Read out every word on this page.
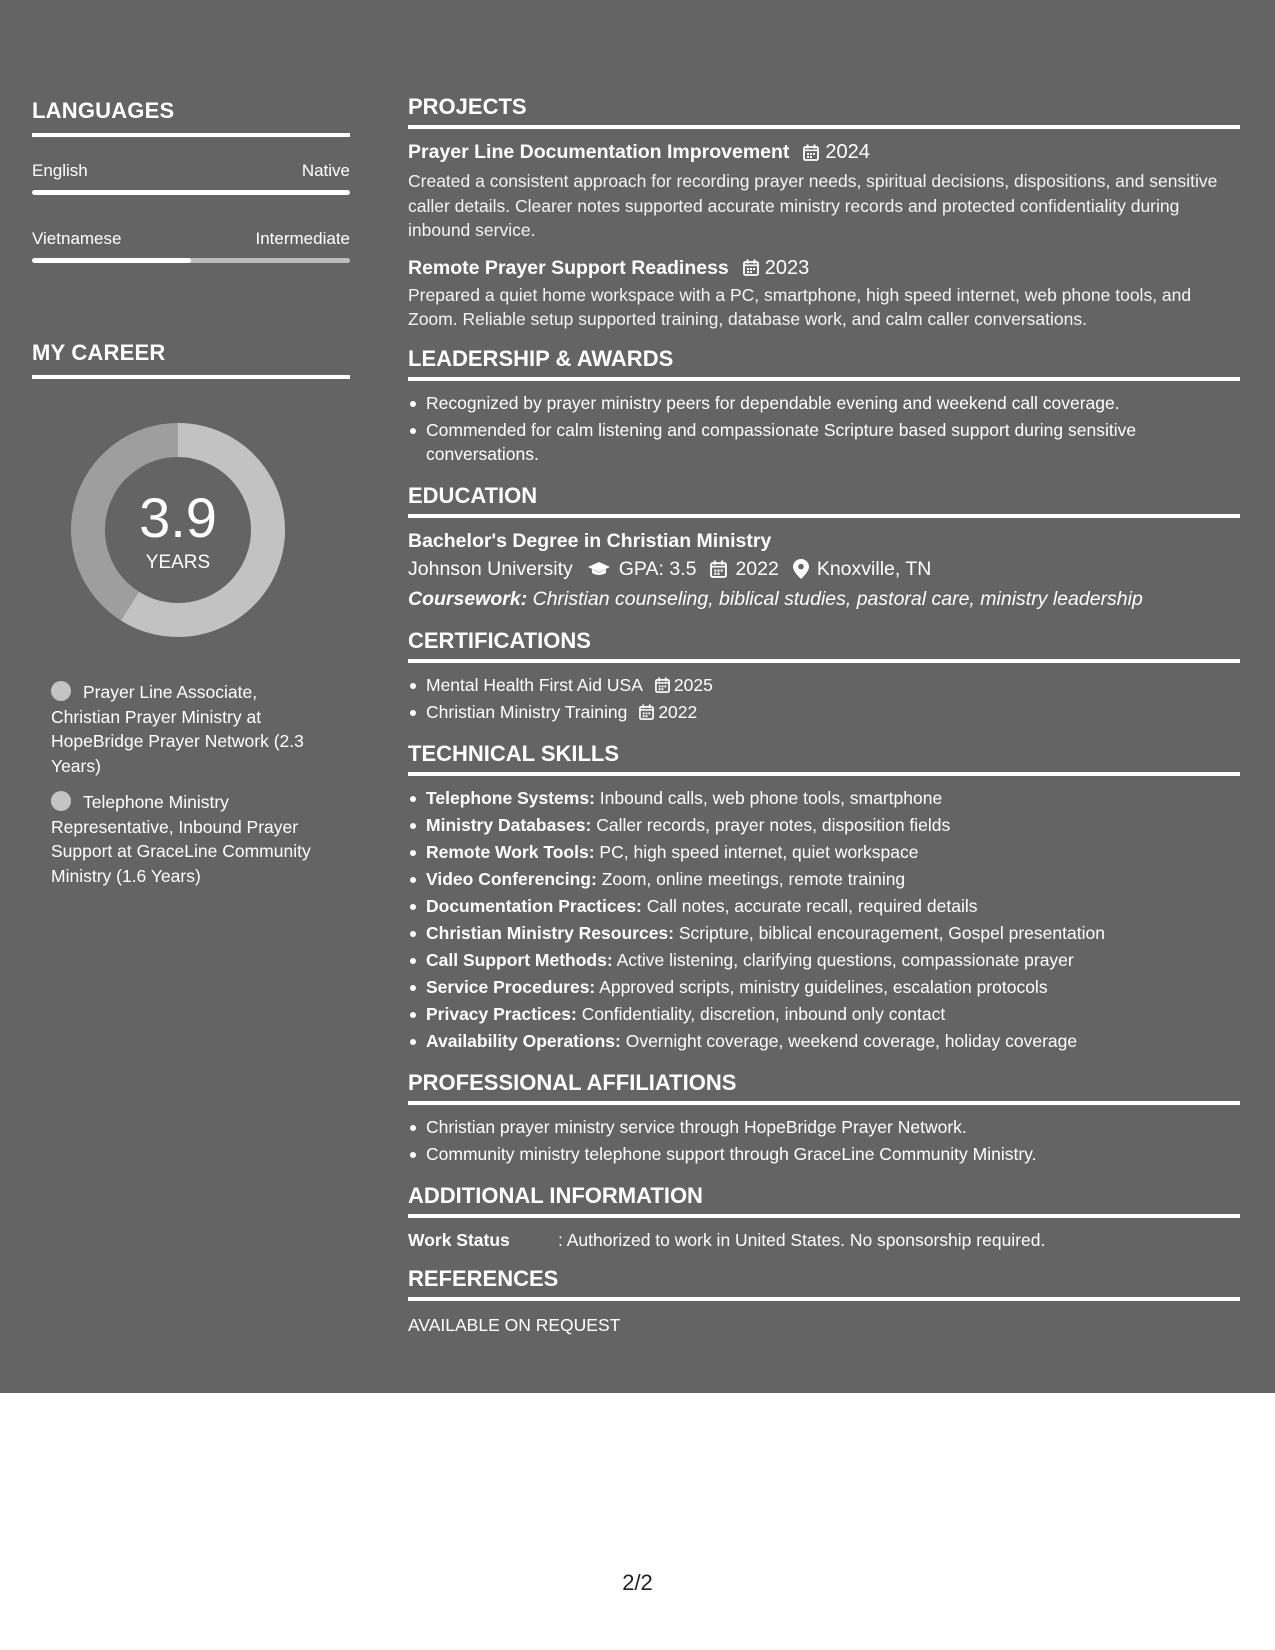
LANGUAGES
English	Native
Vietnamese	Intermediate
MY CAREER
3.9
YEARS
Prayer Line Associate, Christian Prayer Ministry at HopeBridge Prayer Network (2.3 Years)
Telephone Ministry Representative, Inbound Prayer Support at GraceLine Community Ministry (1.6 Years)
PROJECTS
Prayer Line Documentation Improvement 2024
Created a consistent approach for recording prayer needs, spiritual decisions, dispositions, and sensitive caller details. Clearer notes supported accurate ministry records and protected confidentiality during inbound service.
Remote Prayer Support Readiness 2023
Prepared a quiet home workspace with a PC, smartphone, high speed internet, web phone tools, and Zoom. Reliable setup supported training, database work, and calm caller conversations.
LEADERSHIP & AWARDS
Recognized by prayer ministry peers for dependable evening and weekend call coverage.
Commended for calm listening and compassionate Scripture based support during sensitive conversations.
EDUCATION
Bachelor's Degree in Christian Ministry
Johnson University GPA: 3.5 2022 Knoxville, TN
Coursework: Christian counseling, biblical studies, pastoral care, ministry leadership
CERTIFICATIONS
Mental Health First Aid USA 2025
Christian Ministry Training 2022
TECHNICAL SKILLS
Telephone Systems: Inbound calls, web phone tools, smartphone
Ministry Databases: Caller records, prayer notes, disposition fields
Remote Work Tools: PC, high speed internet, quiet workspace
Video Conferencing: Zoom, online meetings, remote training
Documentation Practices: Call notes, accurate recall, required details
Christian Ministry Resources: Scripture, biblical encouragement, Gospel presentation
Call Support Methods: Active listening, clarifying questions, compassionate prayer
Service Procedures: Approved scripts, ministry guidelines, escalation protocols
Privacy Practices: Confidentiality, discretion, inbound only contact
Availability Operations: Overnight coverage, weekend coverage, holiday coverage
PROFESSIONAL AFFILIATIONS
Christian prayer ministry service through HopeBridge Prayer Network.
Community ministry telephone support through GraceLine Community Ministry.
ADDITIONAL INFORMATION
Work Status	: Authorized to work in United States. No sponsorship required.
REFERENCES
AVAILABLE ON REQUEST
2/2
